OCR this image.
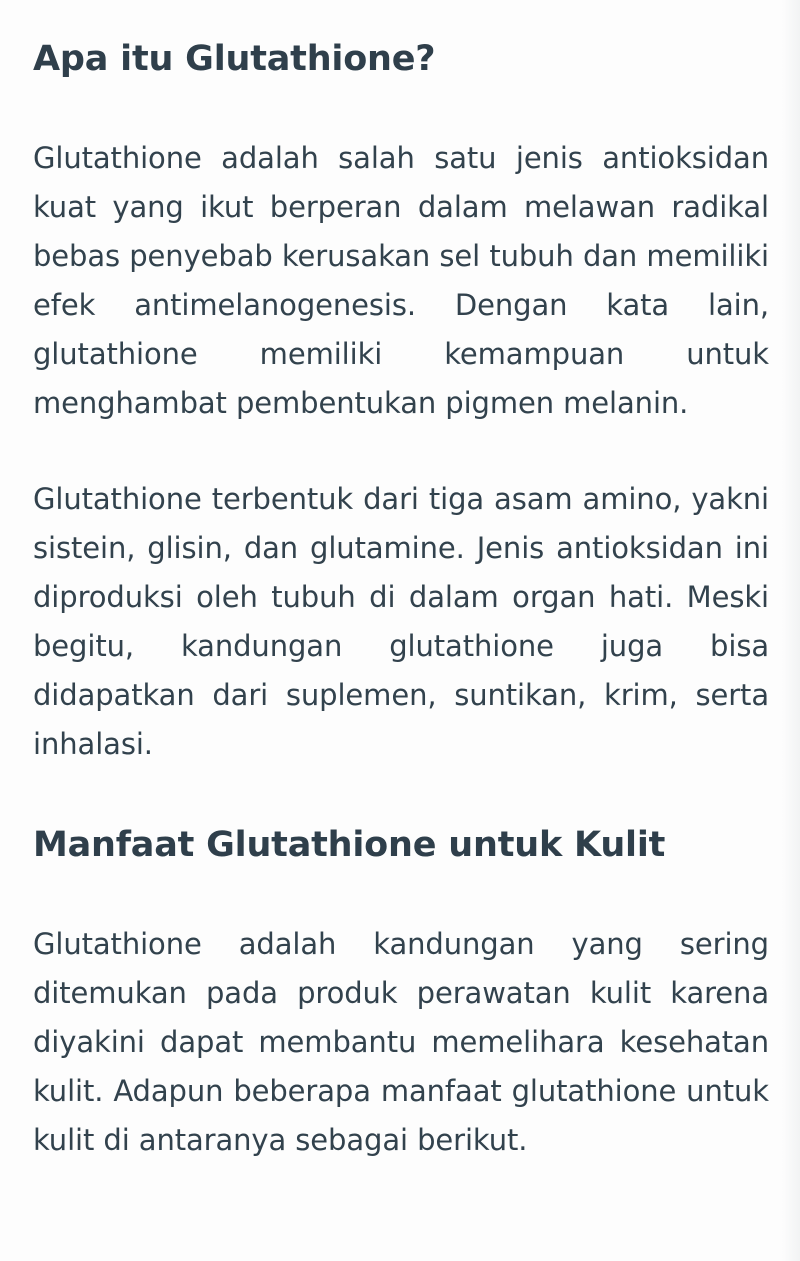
Apa itu Glutathione?

Glutathione adalah salah satu jenis antioksidan kuat yang ikut berperan dalam melawan radikal bebas penyebab kerusakan sel tubuh dan memiliki efek antimelanogenesis. Dengan kata lain, glutathione memiliki kemampuan untuk menghambat pembentukan pigmen melanin.

Glutathione terbentuk dari tiga asam amino, yakni sistein, glisin, dan glutamine. Jenis antioksidan ini diproduksi oleh tubuh di dalam organ hati. Meski begitu, kandungan glutathione juga bisa didapatkan dari suplemen, suntikan, krim, serta inhalasi.

Manfaat Glutathione untuk Kulit

Glutathione adalah kandungan yang sering ditemukan pada produk perawatan kulit karena diyakini dapat membantu memelihara kesehatan kulit. Adapun beberapa manfaat glutathione untuk kulit di antaranya sebagai berikut.
